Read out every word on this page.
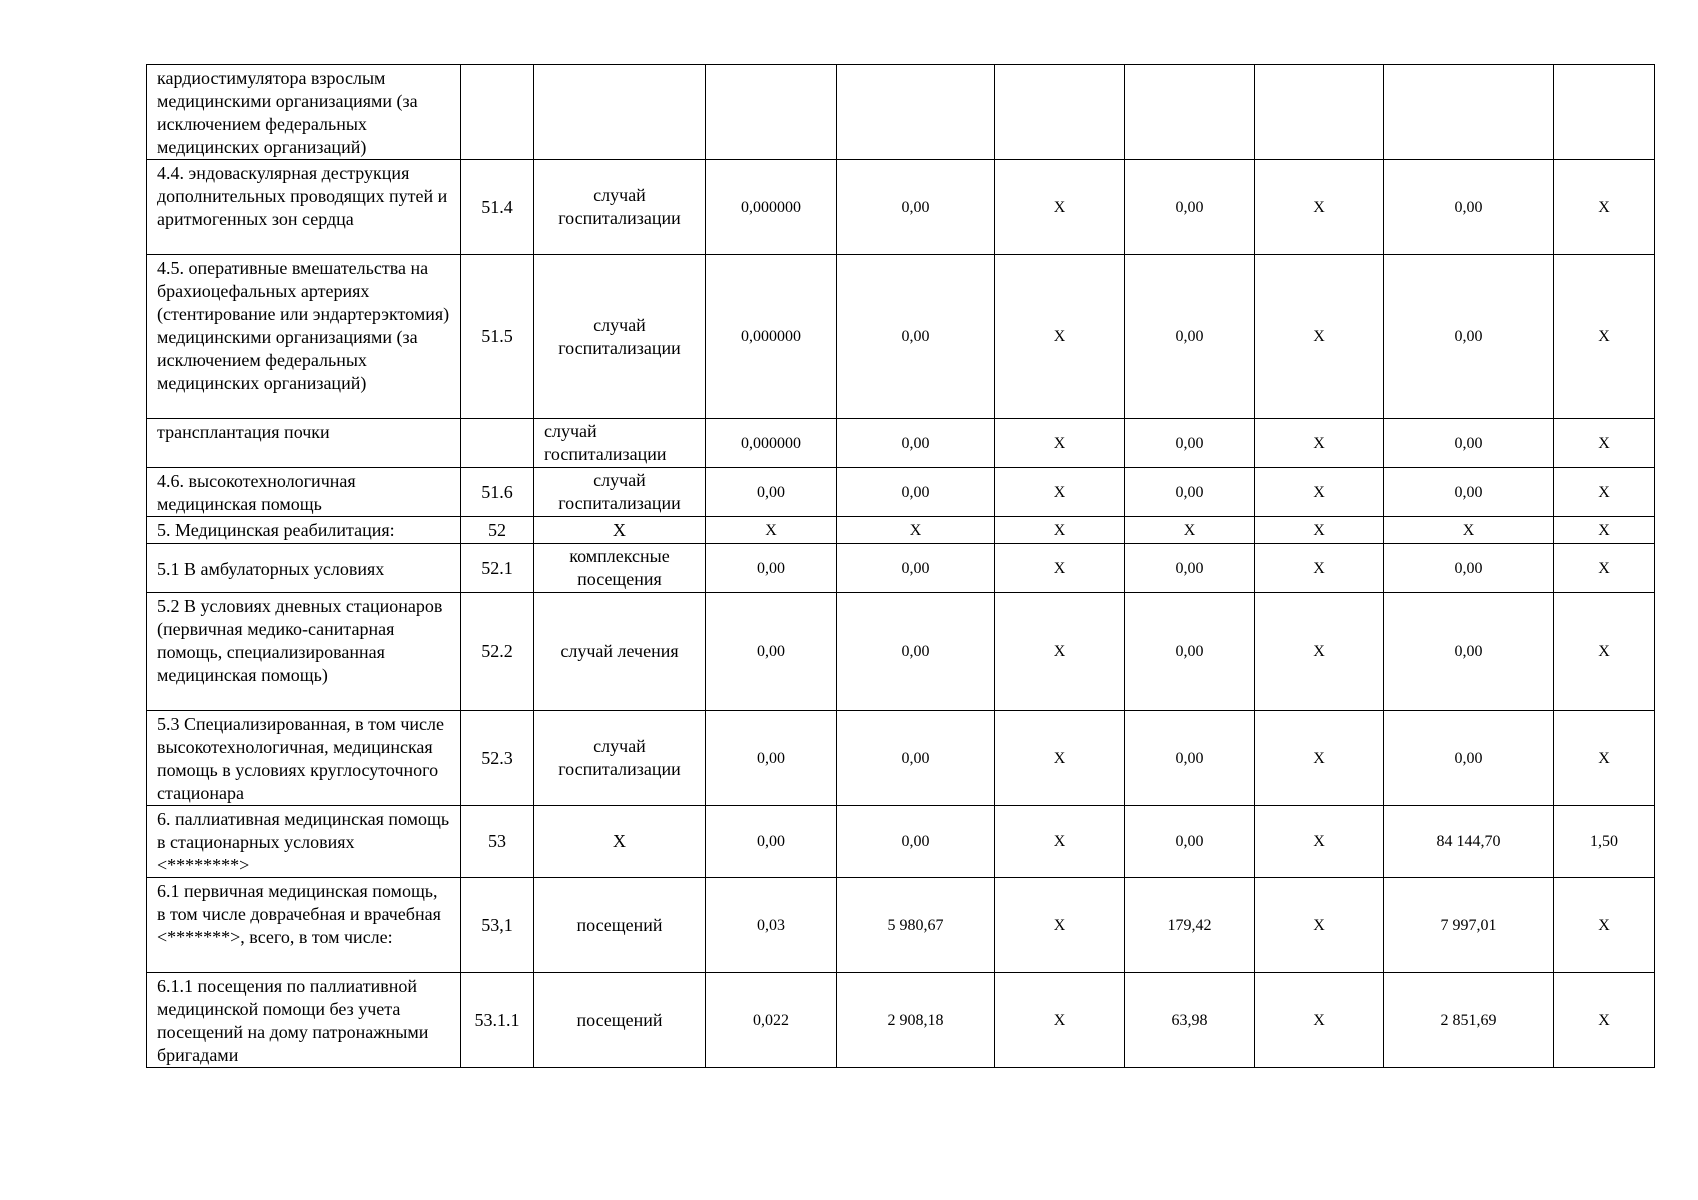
кардиостимулятора взрослым медицинскими организациями (за исключением федеральных медицинских организаций)									
4.4. эндоваскулярная деструкция дополнительных проводящих путей и аритмогенных зон сердца	51.4	случай госпитализации	0,000000	0,00	X	0,00	X	0,00	X
4.5. оперативные вмешательства на брахиоцефальных артериях (стентирование или эндартерэктомия) медицинскими организациями (за исключением федеральных медицинских организаций)	51.5	случай госпитализации	0,000000	0,00	X	0,00	X	0,00	X
трансплантация почки		случай госпитализации	0,000000	0,00	X	0,00	X	0,00	X
4.6. высокотехнологичная медицинская помощь	51.6	случай госпитализации	0,00	0,00	X	0,00	X	0,00	X
5. Медицинская реабилитация:	52	X	X	X	X	X	X	X	X
5.1 В амбулаторных условиях	52.1	комплексные посещения	0,00	0,00	X	0,00	X	0,00	X
5.2 В условиях дневных стационаров (первичная медико-санитарная помощь, специализированная медицинская помощь)	52.2	случай лечения	0,00	0,00	X	0,00	X	0,00	X
5.3 Специализированная, в том числе высокотехнологичная, медицинская помощь в условиях круглосуточного стационара	52.3	случай госпитализации	0,00	0,00	X	0,00	X	0,00	X
6. паллиативная медицинская помощь в стационарных условиях <********>	53	X	0,00	0,00	X	0,00	X	84 144,70	1,50
6.1 первичная медицинская помощь, в том числе доврачебная и врачебная <*******>, всего, в том числе:	53,1	посещений	0,03	5 980,67	X	179,42	X	7 997,01	X
6.1.1 посещения по паллиативной медицинской помощи без учета посещений на дому патронажными бригадами	53.1.1	посещений	0,022	2 908,18	X	63,98	X	2 851,69	X
